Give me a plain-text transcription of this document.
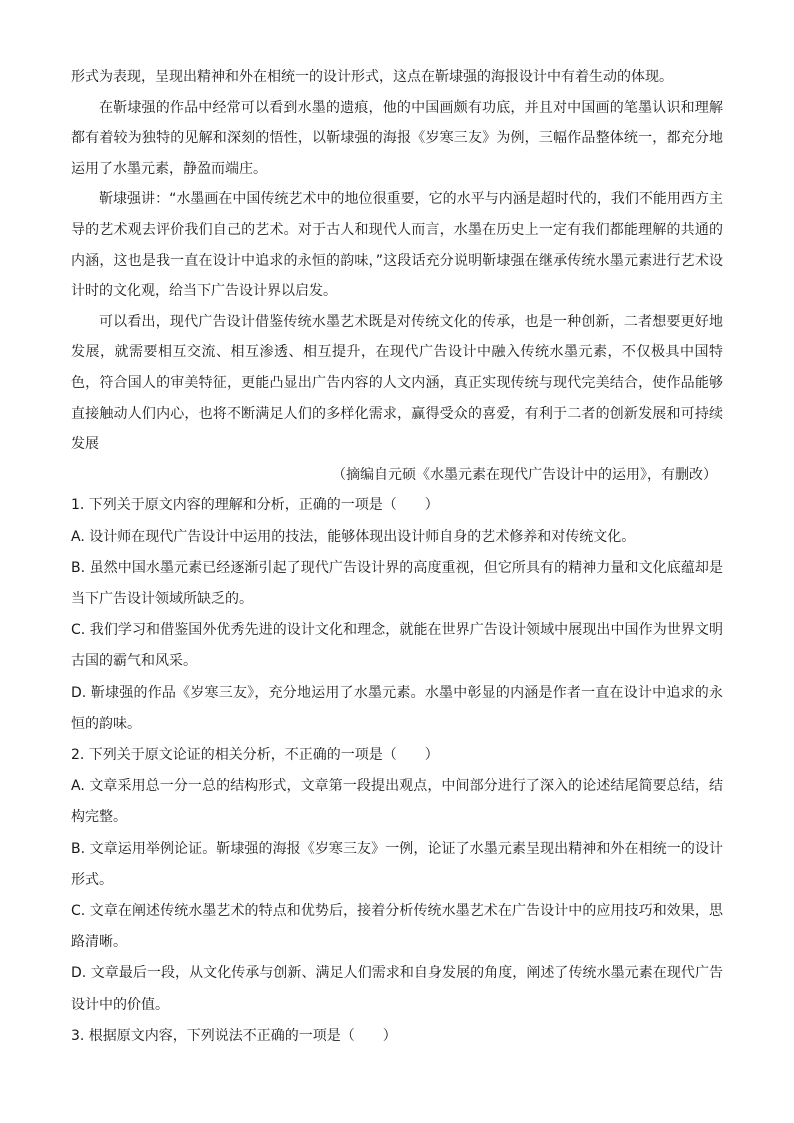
形式为表现，呈现出精神和外在相统一的设计形式，这点在靳埭强的海报设计中有着生动的体现。

在靳埭强的作品中经常可以看到水墨的遗痕，他的中国画颇有功底，并且对中国画的笔墨认识和理解都有着较为独特的见解和深刻的悟性，以靳埭强的海报《岁寒三友》为例，三幅作品整体统一，都充分地运用了水墨元素，静盈而端庄。

靳埭强讲：“水墨画在中国传统艺术中的地位很重要，它的水平与内涵是超时代的，我们不能用西方主导的艺术观去评价我们自己的艺术。对于古人和现代人而言，水墨在历史上一定有我们都能理解的共通的内涵，这也是我一直在设计中追求的永恒的韵味，”这段话充分说明靳埭强在继承传统水墨元素进行艺术设计时的文化观，给当下广告设计界以启发。

可以看出，现代广告设计借鉴传统水墨艺术既是对传统文化的传承，也是一种创新，二者想要更好地发展，就需要相互交流、相互渗透、相互提升，在现代广告设计中融入传统水墨元素，不仅极具中国特色，符合国人的审美特征，更能凸显出广告内容的人文内涵，真正实现传统与现代完美结合，使作品能够直接触动人们内心，也将不断满足人们的多样化需求，赢得受众的喜爱，有利于二者的创新发展和可持续发展

（摘编自元硕《水墨元素在现代广告设计中的运用》，有删改）

1. 下列关于原文内容的理解和分析，正确的一项是（　　）

A. 设计师在现代广告设计中运用的技法，能够体现出设计师自身的艺术修养和对传统文化。

B. 虽然中国水墨元素已经逐渐引起了现代广告设计界的高度重视，但它所具有的精神力量和文化底蕴却是当下广告设计领域所缺乏的。

C. 我们学习和借鉴国外优秀先进的设计文化和理念，就能在世界广告设计领域中展现出中国作为世界文明古国的霸气和风采。

D. 靳埭强的作品《岁寒三友》，充分地运用了水墨元素。水墨中彰显的内涵是作者一直在设计中追求的永恒的韵味。

2. 下列关于原文论证的相关分析，不正确的一项是（　　）

A. 文章采用总一分一总的结构形式，文章第一段提出观点，中间部分进行了深入的论述结尾简要总结，结构完整。

B. 文章运用举例论证。靳埭强的海报《岁寒三友》一例，论证了水墨元素呈现出精神和外在相统一的设计形式。

C. 文章在阐述传统水墨艺术的特点和优势后，接着分析传统水墨艺术在广告设计中的应用技巧和效果，思路清晰。

D. 文章最后一段，从文化传承与创新、满足人们需求和自身发展的角度，阐述了传统水墨元素在现代广告设计中的价值。

3. 根据原文内容，下列说法不正确的一项是（　　）
